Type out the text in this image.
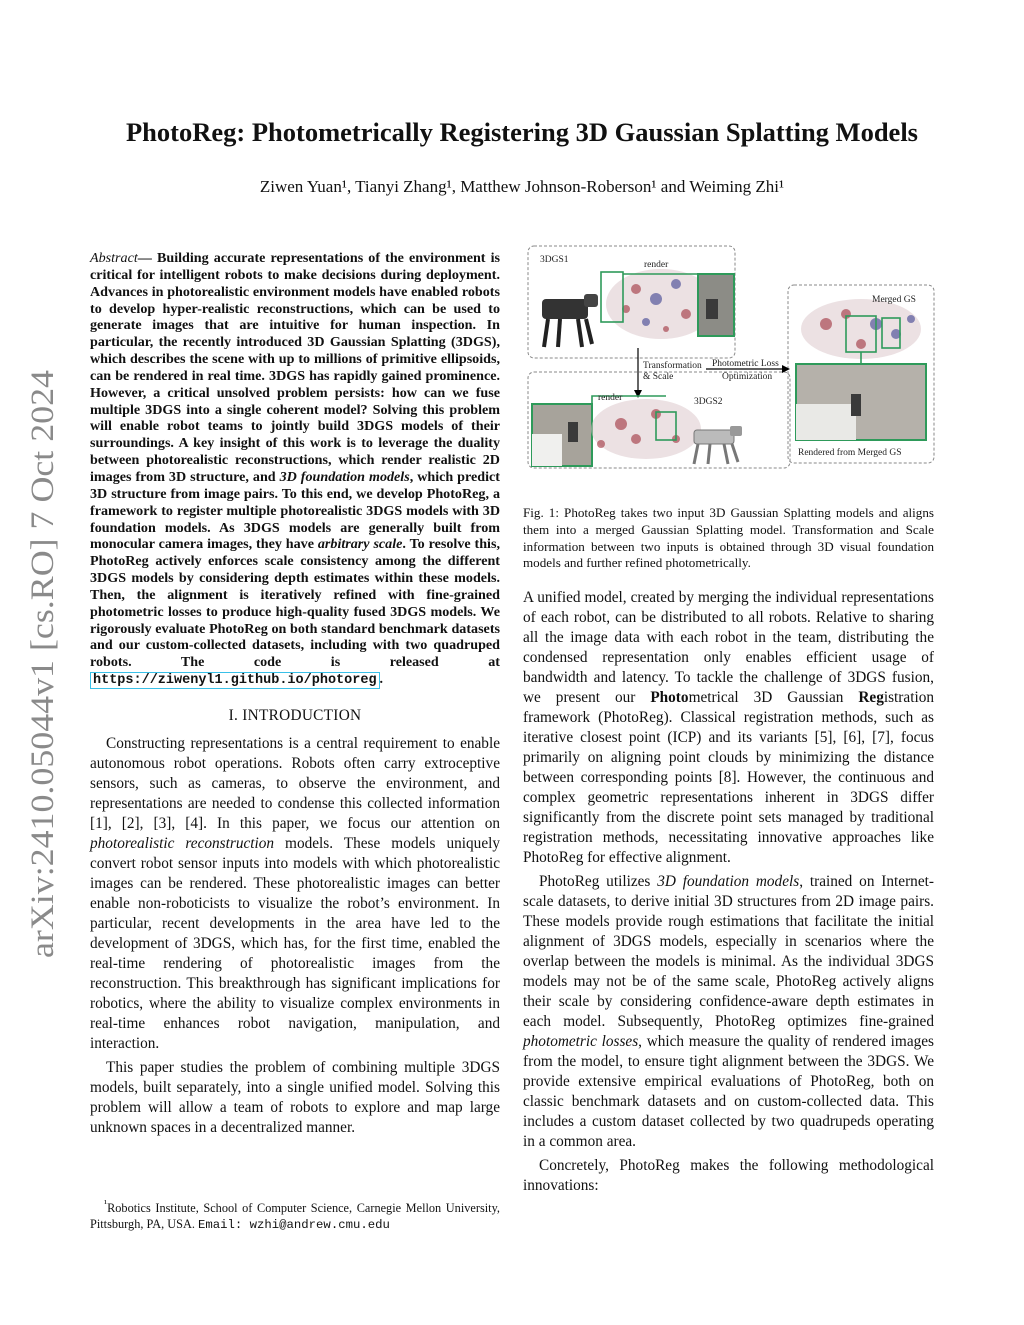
arXiv:2410.05044v1 [cs.RO] 7 Oct 2024
PhotoReg: Photometrically Registering 3D Gaussian Splatting Models
Ziwen Yuan¹, Tianyi Zhang¹, Matthew Johnson-Roberson¹ and Weiming Zhi¹

Abstract— Building accurate representations of the environment is critical for intelligent robots to make decisions during deployment. Advances in photorealistic environment models have enabled robots to develop hyper-realistic reconstructions, which can be used to generate images that are intuitive for human inspection. In particular, the recently introduced 3D Gaussian Splatting (3DGS), which describes the scene with up to millions of primitive ellipsoids, can be rendered in real time. 3DGS has rapidly gained prominence. However, a critical unsolved problem persists: how can we fuse multiple 3DGS into a single coherent model? Solving this problem will enable robot teams to jointly build 3DGS models of their surroundings. A key insight of this work is to leverage the duality between photorealistic reconstructions, which render realistic 2D images from 3D structure, and 3D foundation models, which predict 3D structure from image pairs. To this end, we develop PhotoReg, a framework to register multiple photorealistic 3DGS models with 3D foundation models. As 3DGS models are generally built from monocular camera images, they have arbitrary scale. To resolve this, PhotoReg actively enforces scale consistency among the different 3DGS models by considering depth estimates within these models. Then, the alignment is iteratively refined with fine-grained photometric losses to produce high-quality fused 3DGS models. We rigorously evaluate PhotoReg on both standard benchmark datasets and our custom-collected datasets, including with two quadruped robots. The code is released at https://ziwenyl1.github.io/photoreg .

I. INTRODUCTION

Constructing representations is a central requirement to enable autonomous robot operations. Robots often carry extroceptive sensors, such as cameras, to observe the environment, and representations are needed to condense this collected information [1], [2], [3], [4]. In this paper, we focus our attention on photorealistic reconstruction models. These models uniquely convert robot sensor inputs into models with which photorealistic images can be rendered. These photorealistic images can better enable non-roboticists to visualize the robot’s environment. In particular, recent developments in the area have led to the development of 3DGS, which has, for the first time, enabled the real-time rendering of photorealistic images from the reconstruction. This breakthrough has significant implications for robotics, where the ability to visualize complex environments in real-time enhances robot navigation, manipulation, and interaction.

This paper studies the problem of combining multiple 3DGS models, built separately, into a single unified model. Solving this problem will allow a team of robots to explore and map large unknown spaces in a decentralized manner.

$^{^1}$Robotics Institute, School of Computer Science, Carnegie Mellon University, Pittsburgh, PA, USA. Email: wzhi@andrew.cmu.edu

3DGS1	render
Merged GS
Transformation
& Scale
Photometric Loss
Optimization
render	3DGS2
Rendered from Merged GS
Fig. 1: PhotoReg takes two input 3D Gaussian Splatting models and aligns them into a merged Gaussian Splatting model. Transformation and Scale information between two inputs is obtained through 3D visual foundation models and further refined photometrically.

A unified model, created by merging the individual representations of each robot, can be distributed to all robots. Relative to sharing all the image data with each robot in the team, distributing the condensed representation only enables efficient usage of bandwidth and latency. To tackle the challenge of 3DGS fusion, we present our Photometrical 3D Gaussian Registration framework (PhotoReg). Classical registration methods, such as iterative closest point (ICP) and its variants [5], [6], [7], focus primarily on aligning point clouds by minimizing the distance between corresponding points [8]. However, the continuous and complex geometric representations inherent in 3DGS differ significantly from the discrete point sets managed by traditional registration methods, necessitating innovative approaches like PhotoReg for effective alignment.

PhotoReg utilizes 3D foundation models, trained on Internet-scale datasets, to derive initial 3D structures from 2D image pairs. These models provide rough estimations that facilitate the initial alignment of 3DGS models, especially in scenarios where the overlap between the models is minimal. As the individual 3DGS models may not be of the same scale, PhotoReg actively aligns their scale by considering confidence-aware depth estimates in each model. Subsequently, PhotoReg optimizes fine-grained photometric losses, which measure the quality of rendered images from the model, to ensure tight alignment between the 3DGS. We provide extensive empirical evaluations of PhotoReg, both on classic benchmark datasets and on custom-collected data. This includes a custom dataset collected by two quadrupeds operating in a common area.

Concretely, PhotoReg makes the following methodological innovations:
